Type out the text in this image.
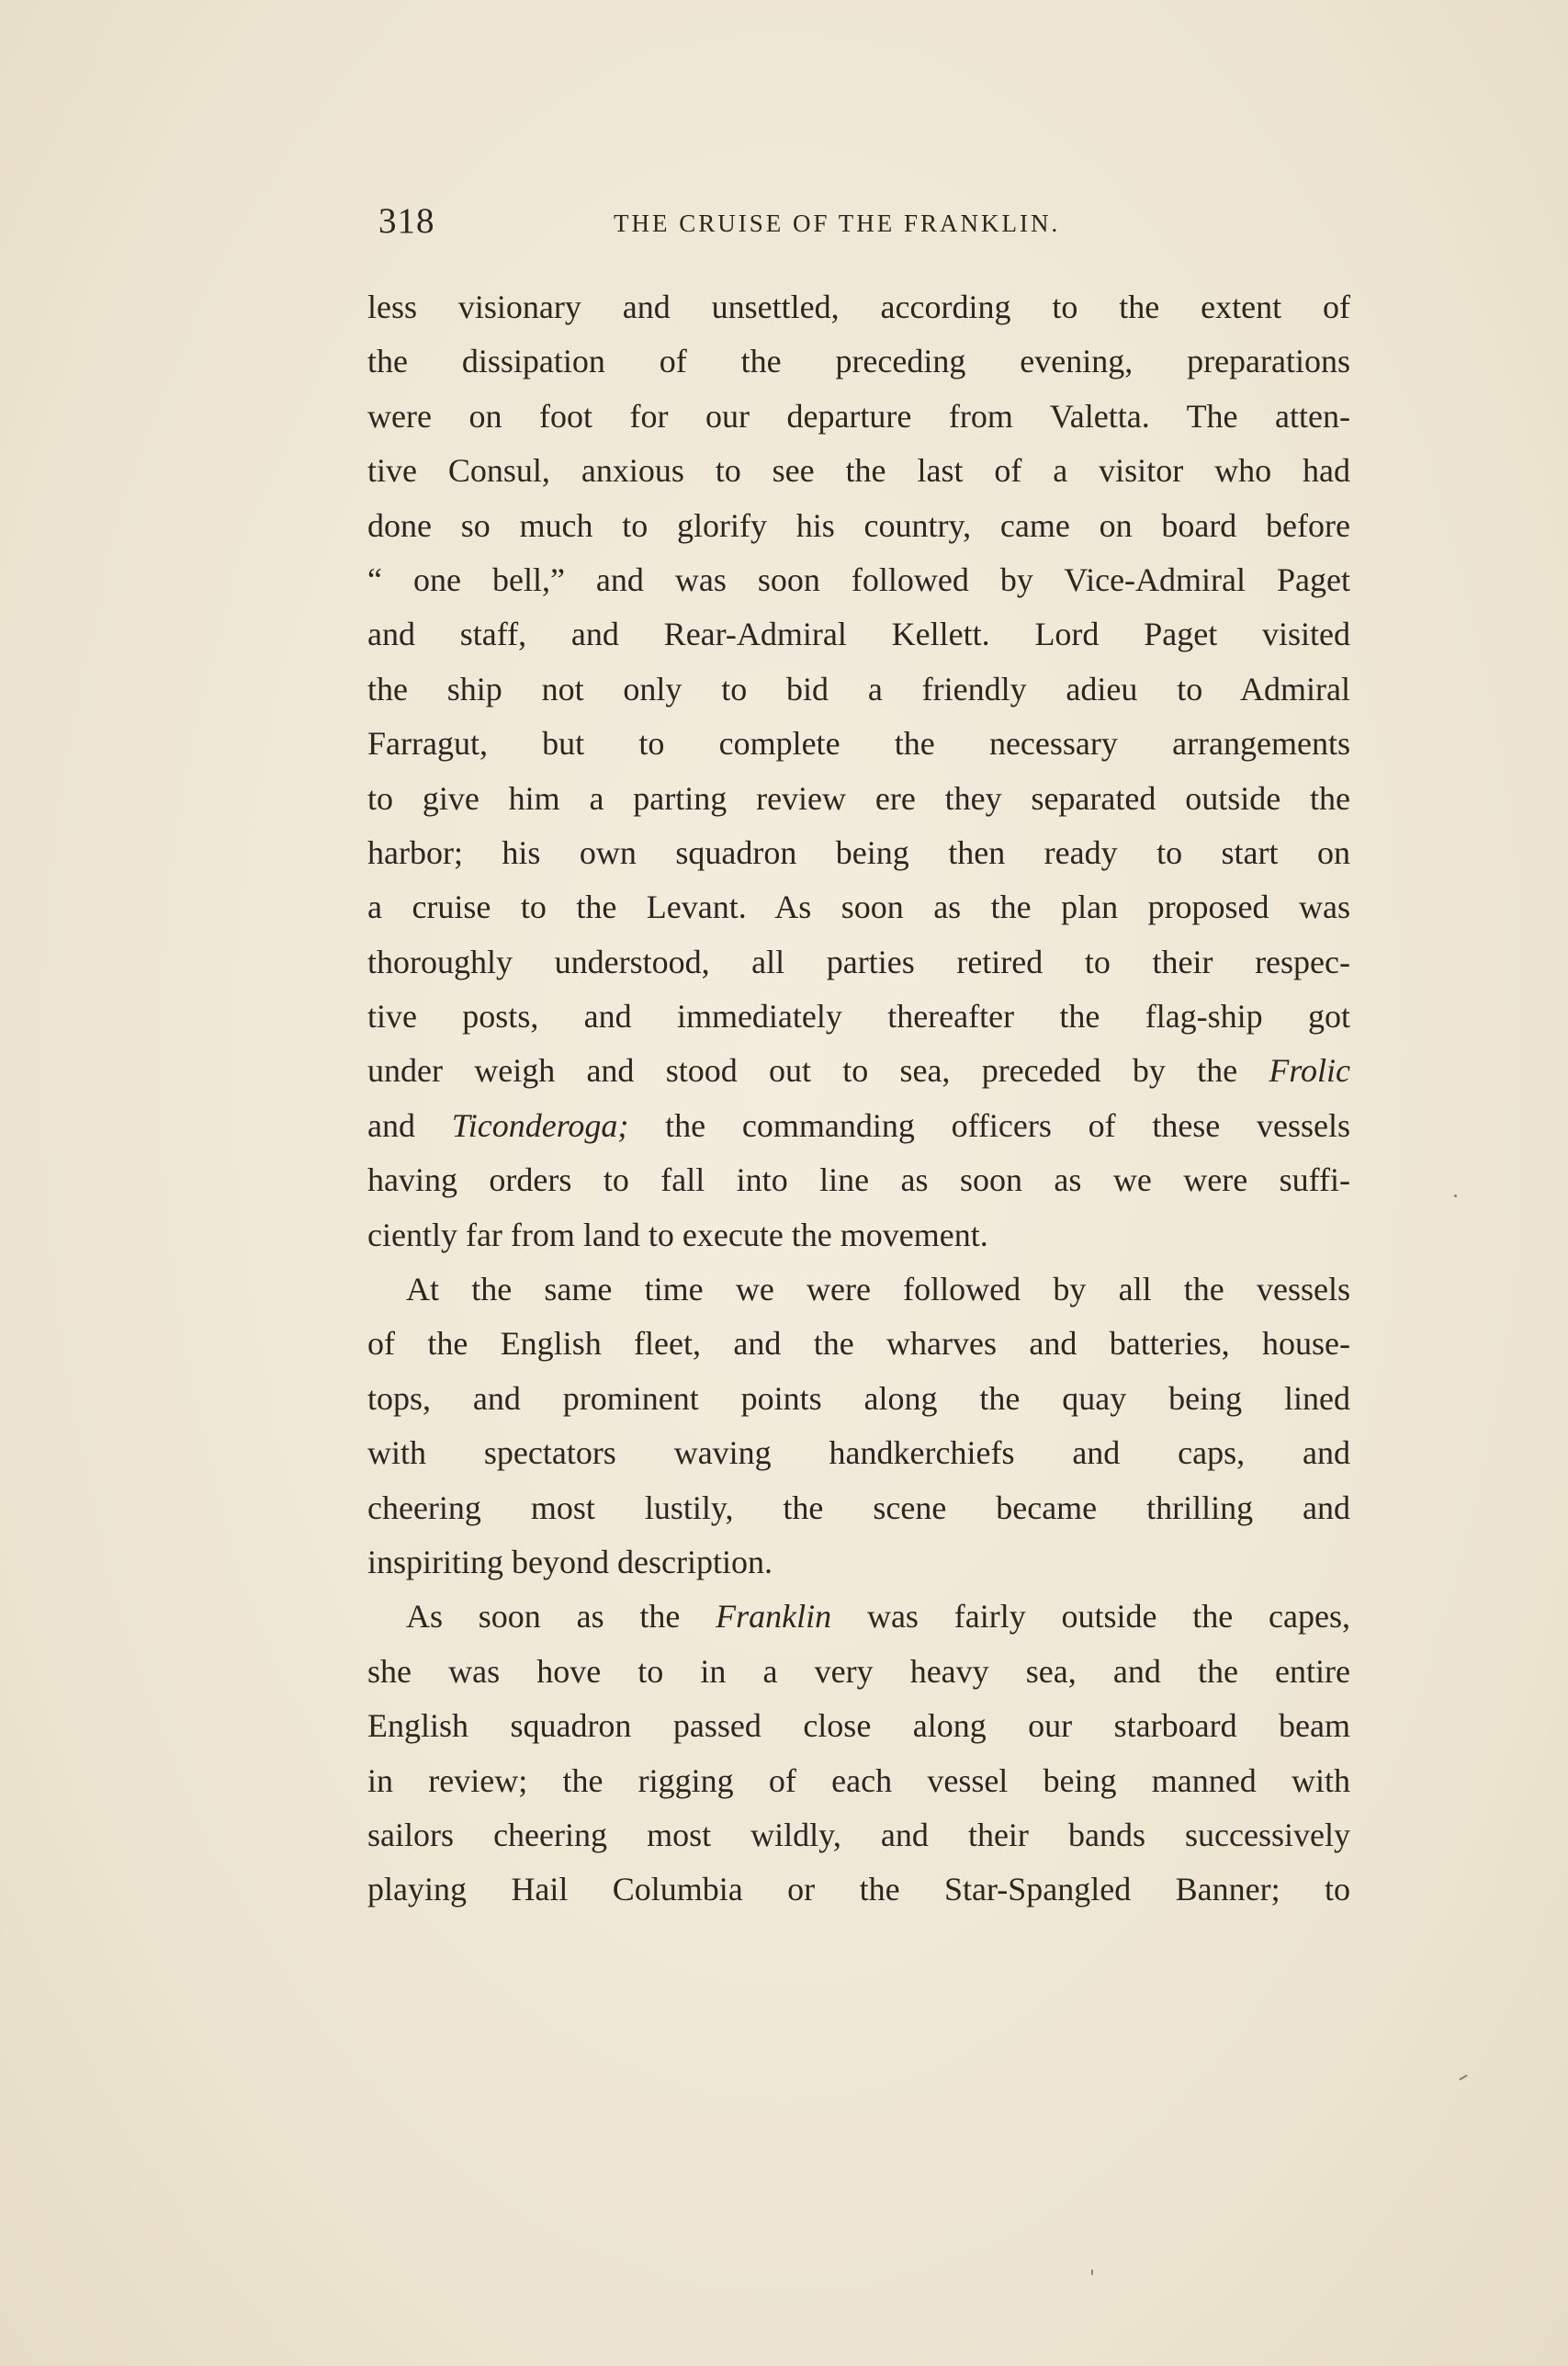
318	THE CRUISE OF THE FRANKLIN.
less visionary and unsettled, according to the extent of
the dissipation of the preceding evening, preparations
were on foot for our departure from Valetta. The atten-
tive Consul, anxious to see the last of a visitor who had
done so much to glorify his country, came on board before
“ one bell,” and was soon followed by Vice-Admiral Paget
and staff, and Rear-Admiral Kellett. Lord Paget visited
the ship not only to bid a friendly adieu to Admiral
Farragut, but to complete the necessary arrangements
to give him a parting review ere they separated outside the
harbor; his own squadron being then ready to start on
a cruise to the Levant. As soon as the plan proposed was
thoroughly understood, all parties retired to their respec-
tive posts, and immediately thereafter the flag-ship got
under weigh and stood out to sea, preceded by the Frolic
and Ticonderoga; the commanding officers of these vessels
having orders to fall into line as soon as we were suffi-
ciently far from land to execute the movement.
At the same time we were followed by all the vessels
of the English fleet, and the wharves and batteries, house-
tops, and prominent points along the quay being lined
with spectators waving handkerchiefs and caps, and
cheering most lustily, the scene became thrilling and
inspiriting beyond description.
As soon as the Franklin was fairly outside the capes,
she was hove to in a very heavy sea, and the entire
English squadron passed close along our starboard beam
in review; the rigging of each vessel being manned with
sailors cheering most wildly, and their bands successively
playing Hail Columbia or the Star-Spangled Banner; to
